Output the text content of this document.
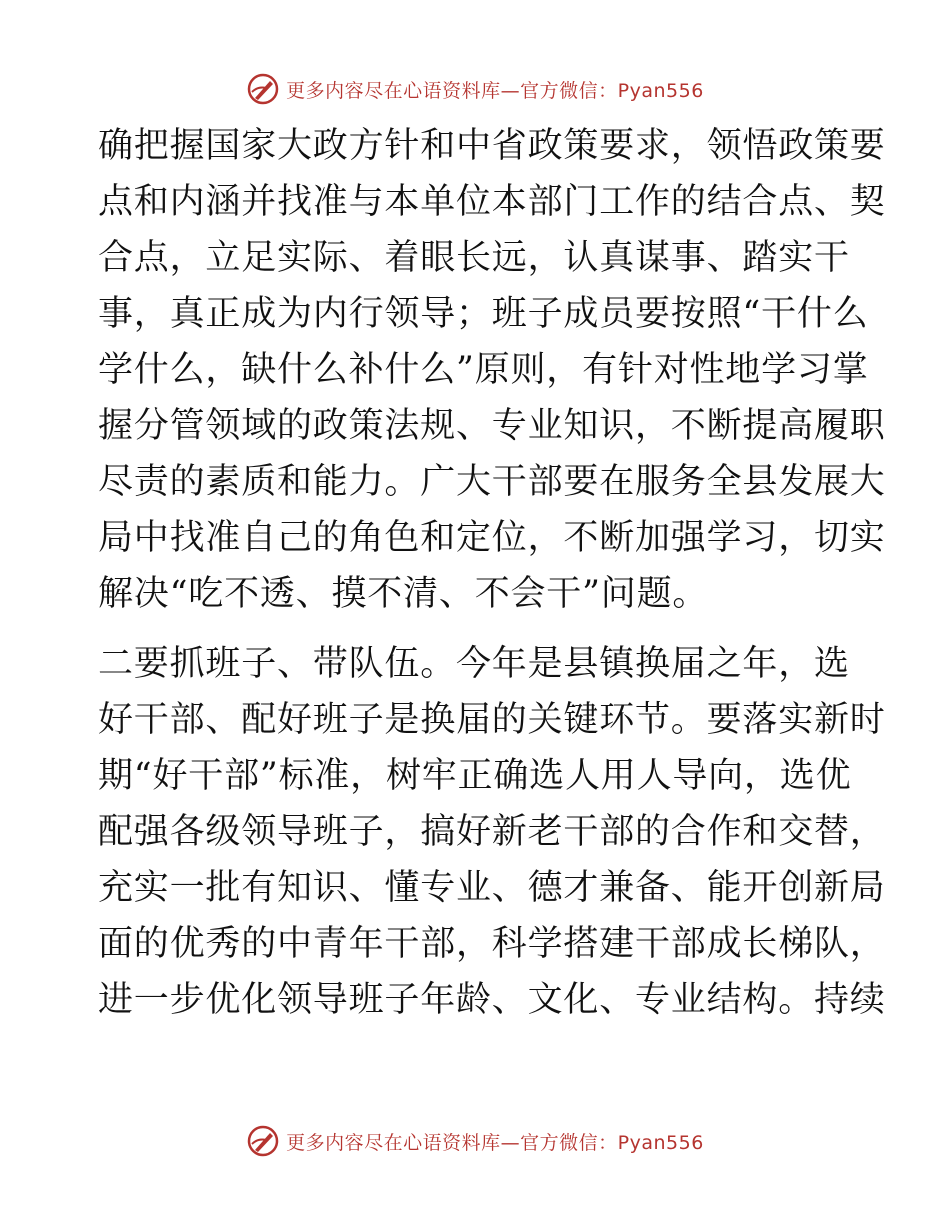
更多内容尽在心语资料库—官方微信：Pyan556
确把握国家大政方针和中省政策要求，领悟政策要
点和内涵并找准与本单位本部门工作的结合点、契
合点，立足实际、着眼长远，认真谋事、踏实干
事，真正成为内行领导；班子成员要按照“干什么
学什么，缺什么补什么”原则，有针对性地学习掌
握分管领域的政策法规、专业知识，不断提高履职
尽责的素质和能力。广大干部要在服务全县发展大
局中找准自己的角色和定位，不断加强学习，切实
解决“吃不透、摸不清、不会干”问题。
二要抓班子、带队伍。今年是县镇换届之年，选
好干部、配好班子是换届的关键环节。要落实新时
期“好干部”标准，树牢正确选人用人导向，选优
配强各级领导班子，搞好新老干部的合作和交替，
充实一批有知识、懂专业、德才兼备、能开创新局
面的优秀的中青年干部，科学搭建干部成长梯队，
进一步优化领导班子年龄、文化、专业结构。持续
更多内容尽在心语资料库—官方微信：Pyan556
